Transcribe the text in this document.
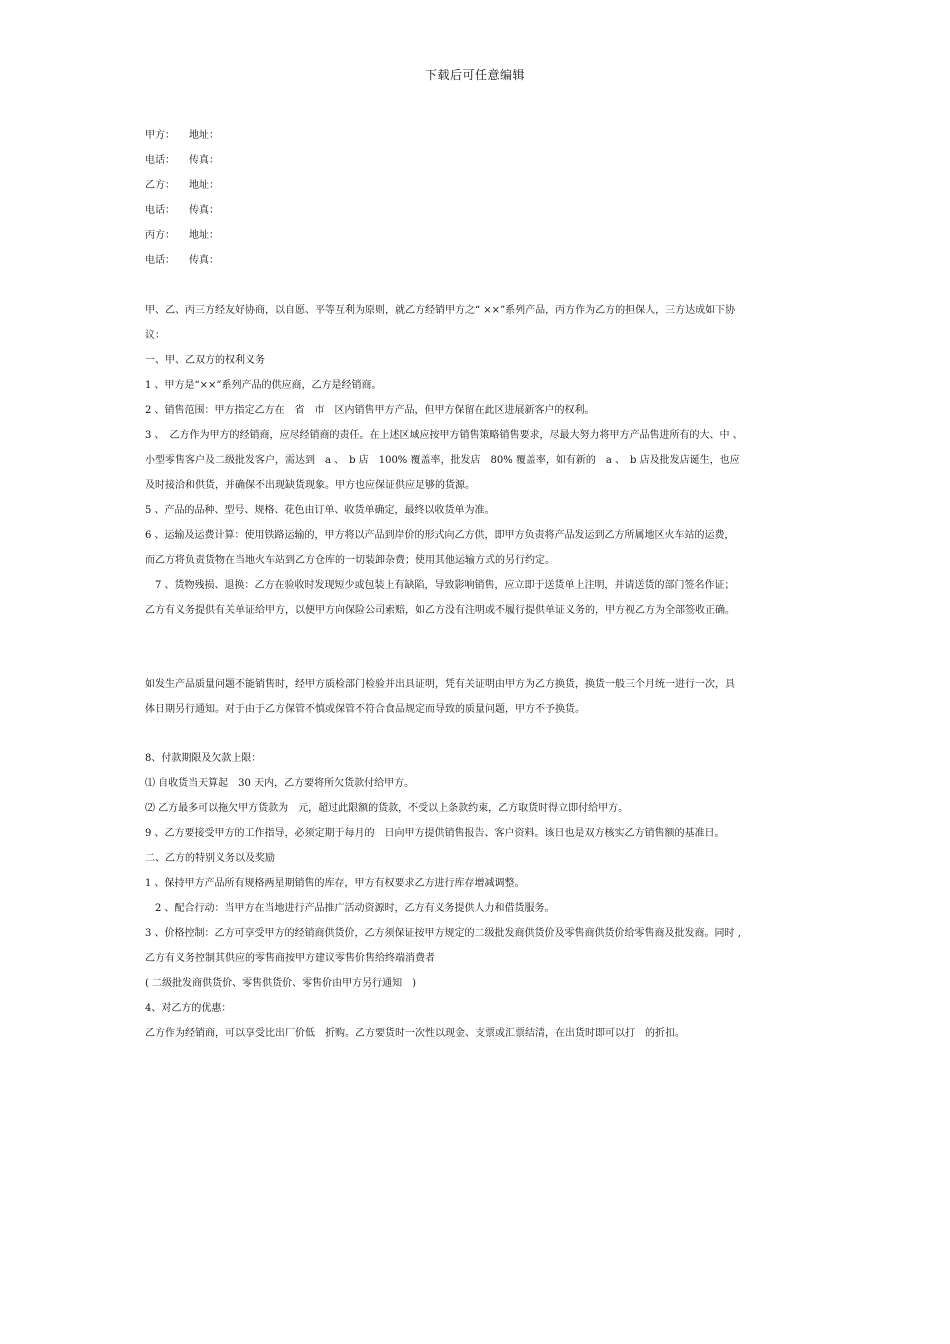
下载后可任意编辑
甲方： 地址：
电话： 传真：
乙方： 地址：
电话： 传真：
丙方： 地址：
电话： 传真：
甲、乙、丙三方经友好协商，以自愿、平等互利为原则，就乙方经销甲方之“ ××”系列产品，丙方作为乙方的担保人，三方达成如下协
议：
一、甲、乙双方的权利义务
1 、甲方是“××”系列产品的供应商，乙方是经销商。
2 、销售范围：甲方指定乙方在　省　市　区内销售甲方产品，但甲方保留在此区进展新客户的权利。
3 、　乙方作为甲方的经销商，应尽经销商的责任。在上述区域应按甲方销售策略销售要求，尽最大努力将甲方产品售进所有的大、中 、
小型零售客户及二级批发客户，需达到　a 、　b 店　100% 覆盖率，批发店　80% 覆盖率，如有新的　a 、　b 店及批发店诞生，也应
及时接洽和供货，并确保不出现缺货现象。甲方也应保证供应足够的货源。
5 、产品的品种、型号、规格、花色由订单、收货单确定，最终以收货单为准。
6 、运输及运费计算：使用铁路运输的，甲方将以产品到岸价的形式向乙方供，即甲方负责将产品发运到乙方所属地区火车站的运费，
而乙方将负责货物在当地火车站到乙方仓库的一切装卸杂费；使用其他运输方式的另行约定。
7 、货物残损、退换：乙方在验收时发现短少或包装上有缺陷，导致影响销售，应立即于送货单上注明，并请送货的部门签名作证；
乙方有义务提供有关单证给甲方，以便甲方向保险公司索赔，如乙方没有注明或不履行提供单证义务的，甲方视乙方为全部签收正确。
如发生产品质量问题不能销售时，经甲方质检部门检验并出具证明，凭有关证明由甲方为乙方换货，换货一般三个月统一进行一次，具
体日期另行通知。对于由于乙方保管不慎或保管不符合食品规定而导致的质量问题，甲方不予换货。
8、付款期限及欠款上限：
⑴ 自收货当天算起　30 天内，乙方要将所欠货款付给甲方。
⑵ 乙方最多可以拖欠甲方货款为　元，超过此限额的货款，不受以上条款约束，乙方取货时得立即付给甲方。
9 、乙方要接受甲方的工作指导，必须定期于每月的　日向甲方提供销售报告、客户资料。该日也是双方核实乙方销售额的基准日。
二、乙方的特别义务以及奖励
1 、保持甲方产品所有规格两星期销售的库存，甲方有权要求乙方进行库存增减调整。
2 、配合行动：当甲方在当地进行产品推广活动资源时，乙方有义务提供人力和借货服务。
3 、价格控制：乙方可享受甲方的经销商供货价，乙方须保证按甲方规定的二级批发商供货价及零售商供货价给零售商及批发商。同时 ,
乙方有义务控制其供应的零售商按甲方建议零售价售给终端消费者
( 二级批发商供货价、零售供货价、零售价由甲方另行通知　)
4、对乙方的优惠：
乙方作为经销商，可以享受比出厂价低　折购。乙方要货时一次性以现金、支票或汇票结清，在出货时即可以打　的折扣。
